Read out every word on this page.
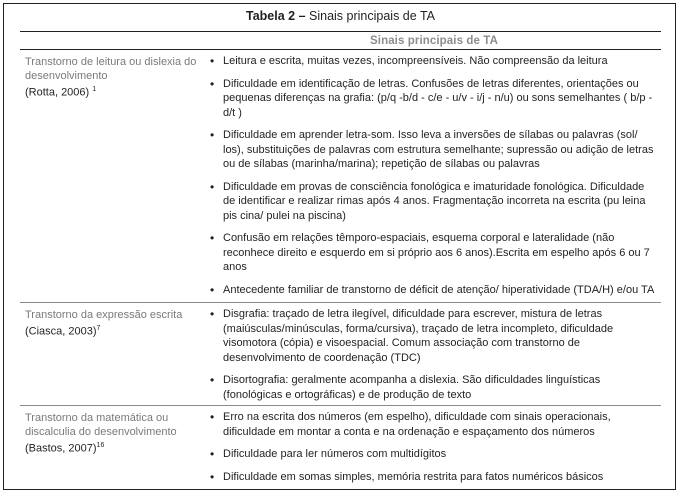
Tabela 2 – Sinais principais de TA
Sinais principais de TA
Transtorno de leitura ou dislexia do desenvolvimento
(Rotta, 2006) $^1$
• Leitura e escrita, muitas vezes, incompreensíveis. Não compreensão da leitura
• Dificuldade em identificação de letras. Confusões de letras diferentes, orientações ou pequenas diferenças na grafia: (p/q -b/d - c/e - u/v - i/j - n/u) ou sons semelhantes ( b/p - d/t )
• Dificuldade em aprender letra-som. Isso leva a inversões de sílabas ou palavras (sol/ los), substituições de palavras com estrutura semelhante; supressão ou adição de letras ou de sílabas (marinha/marina); repetição de sílabas ou palavras
• Dificuldade em provas de consciência fonológica e imaturidade fonológica. Dificuldade de identificar e realizar rimas após 4 anos. Fragmentação incorreta na escrita (pu leina pis cina/ pulei na piscina)
• Confusão em relações têmporo-espaciais, esquema corporal e lateralidade (não reconhece direito e esquerdo em si próprio aos 6 anos).Escrita em espelho após 6 ou 7 anos
• Antecedente familiar de transtorno de déficit de atenção/ hiperatividade (TDA/H) e/ou TA
Transtorno da expressão escrita
(Ciasca, 2003)$^7$
• Disgrafia: traçado de letra ilegível, dificuldade para escrever, mistura de letras (maiúsculas/minúsculas, forma/cursiva), traçado de letra incompleto, dificuldade visomotora (cópia) e visoespacial. Comum associação com transtorno de desenvolvimento de coordenação (TDC)
• Disortografia: geralmente acompanha a dislexia. São dificuldades linguísticas (fonológicas e ortográficas) e de produção de texto
Transtorno da matemática ou discalculia do desenvolvimento
(Bastos, 2007)$^{16}$
• Erro na escrita dos números (em espelho), dificuldade com sinais operacionais, dificuldade em montar a conta e na ordenação e espaçamento dos números
• Dificuldade para ler números com multidígitos
• Dificuldade em somas simples, memória restrita para fatos numéricos básicos
